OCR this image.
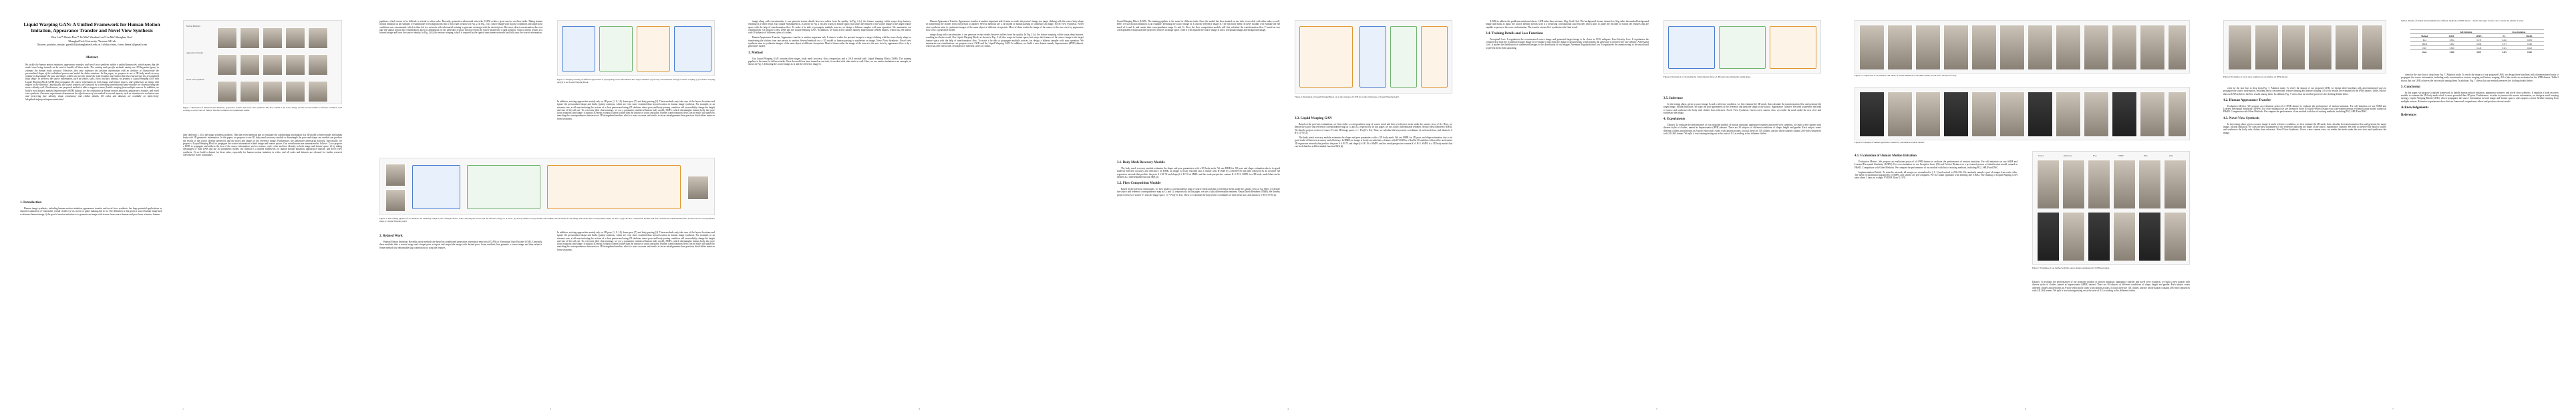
Liquid Warping GAN: A Unified Framework for Human Motion Imitation, Appearance Transfer and Novel View Synthesis
Wen Liu¹* Zhixin Piao¹* Jie Min¹ Wenhan Luo² Lin Ma² Shenghua Gao¹
¹ShanghaiTech University ²Tencent AI Lab
{liuwen, piaozhx, minjie, gaoshh}@shanghaitech.edu.cn {whluo.china, forest.linma}@gmail.com
Abstract
We tackle the human motion imitation, appearance transfer, and novel view synthesis within a unified framework, which means that the model once being trained can be used to handle all these tasks. The existing task-specific methods mainly use 2D keypoints (pose) to estimate the human body structure. However, they only expresses the position information with no abilities to characterize the personalized shape of the individual person and model the limbs rotations. In this paper, we propose to use a 3D body mesh recovery module to disentangle the pose and shape, which can not only model the joint location and rotation but also characterize the personalized body shape. To preserve the source information, such as texture, style, color, and face identity, we propose a Liquid Warping GAN with Liquid Warping Block (LWB) that propagates the source information in both image and feature spaces, and synthesizes an image with respect to the reference. Specifically, the source features are extracted by a denoising convolutional auto-encoder for characterizing the source identity well. Furthermore, our proposed method is able to support a more flexible warping from multiple sources. In addition, we build a new dataset, namely Impersonator (iPER) dataset, for the evaluation of human motion imitation, appearance transfer, and novel view synthesis. Extensive experiments demonstrate the effectiveness of our method in several aspects, such as robustness in occlusion case and preserving face identity, shape consistency and clothes details. All codes and datasets are available on https://svip-lab.github.io/project/impersonator.html.
1. Introduction

Human image synthesis, including human motion imitation, appearance transfer and novel view synthesis, has huge potential applications in character animation, re-enactment, virtual clothes try-on, movie or game making and so on. The definition is that given a source human image and a reference human image, i) the goal of motion imitation is to generate an image with texture from source human and pose from reference human.

Motion Imitation
Appearance Transfer
Novel View Synthesis
Figure 1. Illustration of human motion imitation, appearance transfer and novel view synthesis. The first column is the source image and the second column is reference condition, such as image or novel view of camera. The third column is the synthesized results.
their skeleton [1, 2] to the image synthesis problem. Then the recent methods aim to formulate the conditioning information in a 3D model to better model the human body with 3D geometric information. In this paper, we propose to use 3D body mesh recovery module to disentangle the pose and shape; our method can produce the results of the source identity preserved, and the poses and shapes of the reference image. Furthermore, the generative adversarial network. Specifically, we propose a Liquid Warping Block to propagate the source information in both image and feature spaces. Our contributions are summarized as follows: 1) we propose a LWB to propagate and address the loss of the source information, such as texture, style, color and face identity, in both image and feature space; 2) by taking advantages of both LWB and the 3D parametric model, our method is a unified framework for human motion imitation, appearance transfer, and novel view synthesis; 3) we build a dataset for these tasks, especially for human motion imitation in video, and all codes and datasets are released for further research convenience in the community.
1
pipelines, which seems to be difficult to extend to other tasks. Recently, generative adversarial networks (GAN) achieve great success on these tasks. Taking human motion imitation as an example, we summarize recent approaches into a flow chart as shown in Fig. 2. In Fig. 2 (a), source image with its pose conditions and target pose conditions are concatenated, which is then fed to a network with adversarial training to generate an image with the desired pose. However, direct concatenation does not take the spatial layout into consideration, and it is ambiguous for the generator to place the pixel from the source image into a right position. Thus it always results in a blurred image and loses the source identity. In Fig. 2 (b), the texture warping, which is inspired by the spatial transformer networks and fully uses the source information.
Figure 2. Warping stacking of different approaches of propagating source information into target condition. (a) is early concatenation and (b) is texture warping, (c) is feature warping and (d) is our Liquid Warping Block.
In addition, existing approaches mainly rely on 2D pose [1, 9, 14], dense pose [7] and body parsing [4]. These methods only take care of the layout locations and ignore the personalized shape and limbs (joints) rotations, which are even more essential than layout location in human image synthesis. For example, in an extreme case, a tall man imitating the actions of a short person and using 2D skeleton, dense pose and body parsing condition will unavoidably change the height and size of the tall one. To overcome their shortcomings, we use a parametric statistical human body model, SMPL, which disentangles human body into pose (joint rotations) and shape. It outputs 3D mesh (without clothes) rather than the layouts of joints and parts. Further, transformation flows can be easily calculated by matching the correspondences between two 3D triangulated meshes, which is more accurate and results in fewer misalignments than previous fitted affine matrices from keypoints.
Figure 3. The training pipeline of our method. We randomly sample a pair of images from a video, denoting the source and the reference image as Is and Ir. (a) A body mesh recovery module will estimate the 3D mesh of each image and render their correspondence map, Cs and Ct. (b) The flow composition module will first calculate the transformation flow T based on two correspondence maps. (c) Liquid Warping GAN.
2. Related Work

Human Motion Imitation. Recently, most methods are based on conditioned generative adversarial networks (CGAN) or Variational Auto-Encoder (VAE). Generally, these methods take a source image and a target pose as inputs and output the image with desired pose. Some methods first generate a coarse image and then refine it. Some methods use deformable skip connections to warp the features.

In addition, existing approaches mainly rely on 2D pose [1, 9, 14], dense pose [7] and body parsing [4]. These methods only take care of the layout locations and ignore the personalized shape and limbs (joints) rotations, which are even more essential than layout location in human image synthesis. For example, in an extreme case, a tall man imitating the actions of a short person and using 2D skeleton, dense pose and body parsing condition will unavoidably change the height and size of the tall one. To overcome their shortcomings, we use a parametric statistical human body model, SMPL, which disentangles human body into pose (joint rotations) and shape. It outputs 3D mesh (without clothes) rather than the layouts of joints and parts. Further, transformation flows can be easily calculated by matching the correspondences between two 3D triangulated meshes, which is more accurate and results in fewer misalignments than previous fitted affine matrices from keypoints.
2

image along with concatenation, it can generate texture details however suffers from the quality. In Fig. 2 (c), the feature warping, which warps deep features, resulting in a better result. Our Liquid Warping Block, as shown in Fig. 2 (d) also warps in feature space, but warps the features of the source image to the target feature space with the help of transformation flow. To make it be able to propagate multiple sources, we design a bilinear sampler with sum operation. We summarize our contributions: we propose a new LWB and the Liquid Warping GAN. In addition, we build a new dataset namely Impersonator (iPER) dataset, which has 206 videos with 30 subjects of different styles of clothes.

Human Appearance Transfer. Appearance transfer is another important task. It aims to render the person's image in a target clothing with the source body shape or transferring the clothes from one person to another. Several methods use a 3D model or human parsing to synthesize an image. Novel View Synthesis. Novel view synthesis aims to synthesize images of the same object at different viewpoints. Most of them render the image of the source to the new view by appearance flow or by a generative model.

3. Method

Our Liquid Warping GAN contains three stages, body mesh recovery, flow composition and a GAN module with Liquid Warping Block (LWB). The training pipeline is the same for different tasks. Once the model has been trained on one task, it can deal with other tasks as well. Here, we use motion imitation as an example, as shown in Fig. 3. Denoting the source image as Is and the reference image Ir.

Human Appearance Transfer. Appearance transfer is another important task. It aims to render the person's image in a target clothing with the source body shape or transferring the clothes from one person to another. Several methods use a 3D model or human parsing to synthesize an image. Novel View Synthesis. Novel view synthesis aims to synthesize images of the same object at different viewpoints. Most of them render the image of the source to the new view by appearance flow or by a generative model.

image along with concatenation, it can generate texture details however suffers from the quality. In Fig. 2 (c), the feature warping, which warps deep features, resulting in a better result. Our Liquid Warping Block, as shown in Fig. 2 (d) also warps in feature space, but warps the features of the source image to the target feature space with the help of transformation flow. To make it be able to propagate multiple sources, we design a bilinear sampler with sum operation. We summarize our contributions: we propose a new LWB and the Liquid Warping GAN. In addition, we build a new dataset namely Impersonator (iPER) dataset, which has 206 videos with 30 subjects of different styles of clothes.

3
Liquid Warping Block (LWB). The training pipeline is the same for different tasks. Once the model has been trained on one task, it can deal with other tasks as well. Here, we use motion imitation as an example. Denoting the source image as Is and the reference image Ir. The first body mesh recovery module will estimate the 3D mesh of Is and Ir, and render their correspondence maps Cs and Ct. Next, the flow composition module will first calculate the transformation flow T based on two correspondence maps and their projected vertices in image space. Then it will separate the source image Is into a foreground image and background image.
Figure 4. Illustration of Liquid Warping Block. (a) is the structure of LWB. (b) is the architecture of Liquid Warping GAN.
3.1. Body Mesh Recovery Module

The body mesh recovery module estimates the shape and pose parameters with a 3D body mesh. We use HMR for 3D pose and shape estimation due to its good trade-off between accuracy and efficiency. In HMR, an image is firstly encoded into a feature with R^2048 by a ResNet-50 and then followed by an iterative 3D regression network that predicts the pose θ ∈ R^72 and shape β ∈ R^10 of SMPL and the weak-perspective camera K ∈ R^3. SMPL is a 3D body model that can be defined as a differentiable function M(θ, β).

3.2. Flow Composition Module

Based on the previous estimations, we first render a correspondence map of source mesh and that of reference mesh under the camera view of Ks. Here, we denote the source and reference correspondence map as Cs and Ct, respectively. In this paper, we use a fully differentiable renderer, Neural Mesh Renderer (NMR). We thereby project vertices of source Vs into 2D image space, vs = Proj(Vs, Ks). Then, we calculate the barycentric coordinates of each mesh face, and obtain fs ∈ R^(13776×2).

3.3. Liquid Warping GAN

Based on the previous estimations, we first render a correspondence map of source mesh and that of reference mesh under the camera view of Ks. Here, we denote the source and reference correspondence map as Cs and Ct, respectively. In this paper, we use a fully differentiable renderer, Neural Mesh Renderer (NMR). We thereby project vertices of source Vs into 2D image space, vs = Proj(Vs, Ks). Then, we calculate the barycentric coordinates of each mesh face, and obtain fs ∈ R^(13776×2).

The body mesh recovery module estimates the shape and pose parameters with a 3D body mesh. We use HMR for 3D pose and shape estimation due to its good trade-off between accuracy and efficiency. In HMR, an image is firstly encoded into a feature with R^2048 by a ResNet-50 and then followed by an iterative 3D regression network that predicts the pose θ ∈ R^72 and shape β ∈ R^10 of SMPL and the weak-perspective camera K ∈ R^3. SMPL is a 3D body model that can be defined as a differentiable function M(θ, β).

4

(LWB) to address the problems mentioned above. LWB takes three streams: Gbg, Gsid, Gtsf. The background stream, denoted as Gbg, takes the masked background image and mask as input; the source identity stream Gsid is a denoising convolutional auto-encoder which aims to guide the encoder to extract the features that are capable to preserve the source information. The transfer stream Gtsf synthesizes the final result.

3.4. Training Details and Loss Functions

Perceptual Loss. It regularizes the reconstructed source image and generated target image to be closer in VGG subspace. Face Identity Loss. It regularizes the cropped face from the synthesized target image to be similar to that from the image of ground truth, which pushes the generator to preserve the face identity. Adversarial Loss. It pushes the distribution of synthesized images to the distribution of real images. Attention Regularization Loss. It regularizes the attention map to be smooth and to prevent them from saturating.

Figure 6. Illustration of calculating the transformation flows of different tasks during the testing phase.
3.5. Inference

In the testing phase, given a source image Is and a reference condition, we first estimate the 3D mesh, then calculate the transformation flow and generate the target image. Motion Imitation. We copy the pose parameters of the reference and keep the shape of the source. Appearance Transfer. We need to preserve the head of source and synthesize the body with clothes from reference. Novel View Synthesis. Given a new camera view, we render the mesh under the new view and synthesize the image.

4. Experiments

Dataset. To evaluate the performances of our proposed method of motion imitation, appearance transfer and novel view synthesis, we build a new dataset with diverse styles of clothes, named as Impersonator (iPER) dataset. There are 30 subjects of different conditions of shape, height and gender. Each subject wears different clothes and performs an A-pose video and a video with random actions. In total, there are 103 clothes, and the whole dataset contains 206 video sequences with 241,564 frames. We split it into training/testing set at the ratio of 8:2 according to the different clothes.

5
Figure 5. Comparison of our method with others of motion imitation on the iPER dataset (zoom-in for the best of view).
Figure 8. Examples of human appearance transfer by our method on iPER dataset.
4.1. Evaluation of Human Motion Imitation

Evaluation Metrics. We propose an evaluation protocol of iPER dataset to evaluate the performance of motion imitation. For self-imitation we use SSIM and Learned Perceptual Similarity (LPIPS). For cross-imitation we use Inception Score (IS) and Fréchet Distance on a pre-trained person re-identification model, named as FReID. Comparison with Other Methods. We compare the performance of our method with that of existing methods, including PG2, SHUP and DSC.

Implementation Details. To train the network, all images are normalized to [-1, 1] and resized to 256×256. We randomly sample a pair of images from each video. The mesh reconstruction parameters of SMPL and camera are pre-computed. We use Adam optimizer with learning rate 0.0002. The training of Liquid Warping GAN takes about 2 days on a single NVIDIA Titan X GPU.

Source	Reference	PG2	SHUP	DSC	Ours
Figure 7. Examples of our method with the source images synthesized by LWB and others.
Dataset. To evaluate the performances of our proposed method of motion imitation, appearance transfer and novel view synthesis, we build a new dataset with diverse styles of clothes, named as Impersonator (iPER) dataset. There are 30 subjects of different conditions of shape, height and gender. Each subject wears different clothes and performs an A-pose video and a video with random actions. In total, there are 103 clothes, and the whole dataset contains 206 video sequences with 241,564 frames. We split it into training/testing set at the ratio of 8:2 according to the different clothes.
6
Figure 9. Examples of novel view synthesis by our method on iPER dataset.
Table 1. Results of human motion imitation by different methods on iPER dataset. ↑ means the larger is better, and ↓ means the smaller is better.
	Self-Imitation		Cross-Imitation	
Method	SSIM↑	LPIPS↓	IS↑	FReID↓
PG2	0.854	0.135	3.242	0.639
SHUP	0.832	0.099	3.371	0.566
DSC	0.829	0.129	3.321	0.622
Ours	0.840	0.087	3.419	0.562

cient for the face loss to drop from Fig. 7. Ablation study. To verify the impact of our proposed LWB, we design three baselines with aforementioned ways to propagate the source information, including early concatenation, texture warping and feature warping. All of the results are evaluated on the iPER dataset. Table 2 shows that our LWB achieves the best results among them. In addition, Fig. 7 shows that our method preserves the clothing details better.

4.2. Human Appearance Transfer

Evaluation Metrics. We propose an evaluation protocol of iPER dataset to evaluate the performance of motion imitation. For self-imitation we use SSIM and Learned Perceptual Similarity (LPIPS). For cross-imitation we use Inception Score (IS) and Fréchet Distance on a pre-trained person re-identification model, named as FReID. Comparison with Other Methods. We compare the performance of our method with that of existing methods, including PG2, SHUP and DSC.

4.3. Novel View Synthesis

In the testing phase, given a source image Is and a reference condition, we first estimate the 3D mesh, then calculate the transformation flow and generate the target image. Motion Imitation. We copy the pose parameters of the reference and keep the shape of the source. Appearance Transfer. We need to preserve the head of source and synthesize the body with clothes from reference. Novel View Synthesis. Given a new camera view, we render the mesh under the new view and synthesize the image.

cient for the face loss to drop from Fig. 7. Ablation study. To verify the impact of our proposed LWB, we design three baselines with aforementioned ways to propagate the source information, including early concatenation, texture warping and feature warping. All of the results are evaluated on the iPER dataset. Table 2 shows that our LWB achieves the best results among them. In addition, Fig. 7 shows that our method preserves the clothing details better.

5. Conclusion

In this paper, we propose a unified framework to handle human motion imitation, appearance transfer, and novel view synthesis. It employs a body recovery module to estimate the 3D body mesh which is more powerful than 2D pose. Furthermore, in order to preserve the source information, we design a novel warping strategy, Liquid Warping Block (LWB), which propagates the source information in both image and feature spaces, and supports a more flexible warping from multiple sources. Extensive experiments show that our framework outperforms others and produces decent results.

Acknowledgements
References
7
